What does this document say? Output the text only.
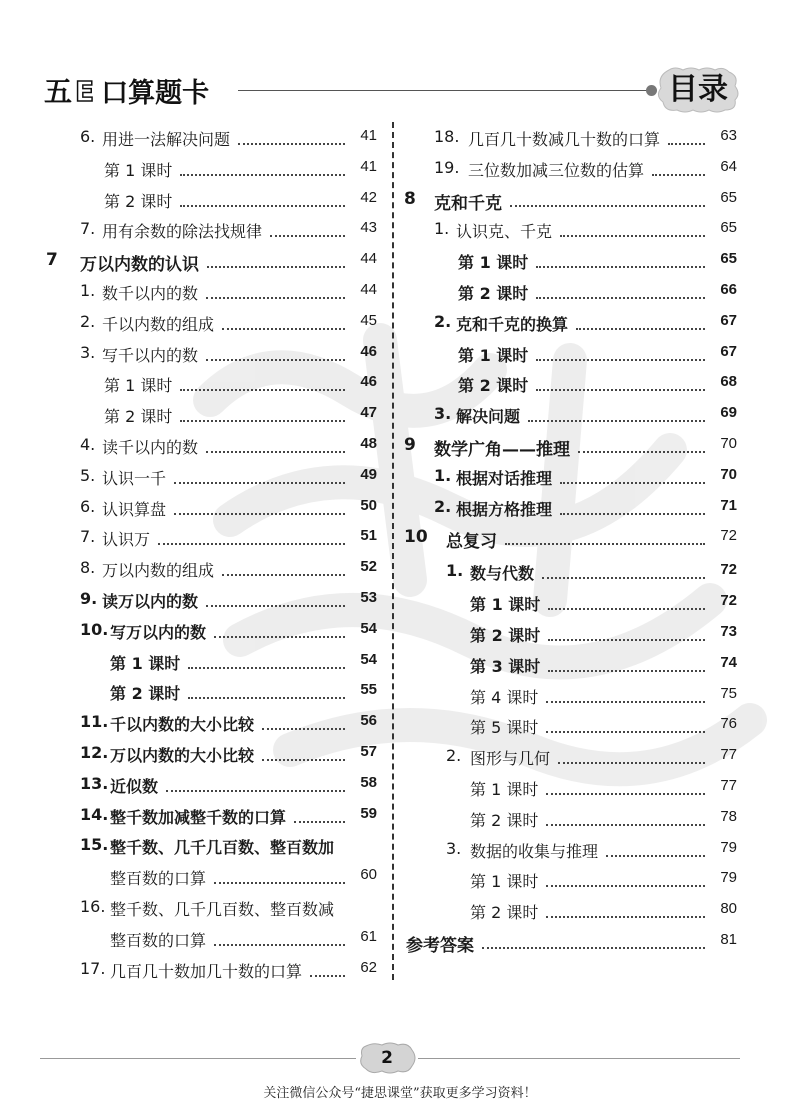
五E 口算题卡	目录
6. 用进一法解决问题	41
第 1 课时	41
第 2 课时	42
7. 用有余数的除法找规律	43
7 万以内数的认识	44
1. 数千以内的数	44
2. 千以内数的组成	45
3. 写千以内的数	46
第 1 课时	46
第 2 课时	47
4. 读千以内的数	48
5. 认识一千	49
6. 认识算盘	50
7. 认识万	51
8. 万以内数的组成	52
9. 读万以内的数	53
10. 写万以内的数	54
第 1 课时	54
第 2 课时	55
11. 千以内数的大小比较	56
12. 万以内数的大小比较	57
13. 近似数	58
14. 整千数加减整千数的口算	59
15. 整千数、几千几百数、整百数加
整百数的口算	60
16. 整千数、几千几百数、整百数减
整百数的口算	61
17. 几百几十数加几十数的口算	62
18. 几百几十数减几十数的口算	63
19. 三位数加减三位数的估算	64
8 克和千克	65
1. 认识克、千克	65
第 1 课时	65
第 2 课时	66
2. 克和千克的换算	67
第 1 课时	67
第 2 课时	68
3. 解决问题	69
9 数学广角——推理	70
1. 根据对话推理	70
2. 根据方格推理	71
10 总复习	72
1. 数与代数	72
第 1 课时	72
第 2 课时	73
第 3 课时	74
第 4 课时	75
第 5 课时	76
2. 图形与几何	77
第 1 课时	77
第 2 课时	78
3. 数据的收集与推理	79
第 1 课时	79
第 2 课时	80
参考答案	81
2
关注微信公众号“捷思课堂”获取更多学习资料！
